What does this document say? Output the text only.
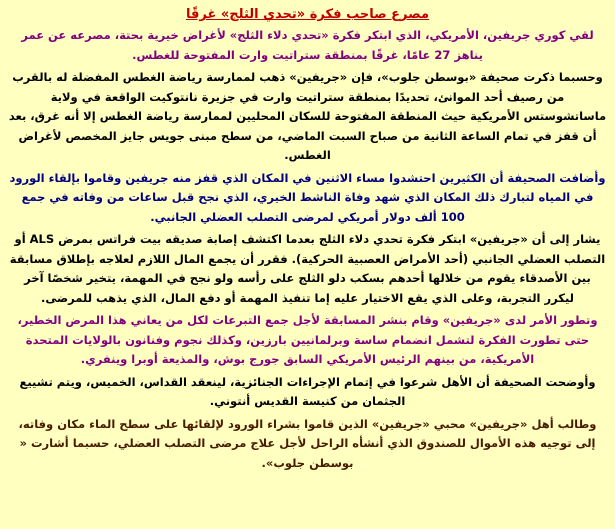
مصرع صاحب فكرة «تحدي الثلج» غرقًا
لقي كوري جريفين، الأمريكي، الذي ابتكر فكرة «تحدي دلاء الثلج» لأغراض خيرية بحتة، مصرعه عن عمر يناهز 27 عامًا، غرقًا بمنطقة ستراتيت وارت المفتوحة للغطس.
وحسبما ذكرت صحيفة «بوسطن جلوب»، فإن «جريفين» ذهب لممارسة رياضة الغطس المفضلة له بالقرب من رصيف أحد الموانئ، تحديدًا بمنطقة ستراتيت وارت في جزيرة نانتوكيت الواقعة في ولاية ماساتشوستس الأمريكية حيث المنطقة المفتوحة للسكان المحليين لممارسة رياضة الغطس إلا أنه غرق، بعد أن قفز في تمام الساعة الثانية من صباح السبت الماضي، من سطح مبنى جويس جايز المخصص لأغراض الغطس.
وأضافت الصحيفة أن الكثيرين احتشدوا مساء الاثنين في المكان الذي قفز منه جريفين وقاموا بإلقاء الورود في المياه لتبارك ذلك المكان الذي شهد وفاة الناشط الخيري، الذي نجح قبل ساعات من وفاته في جمع 100 ألف دولار أمريكي لمرضى التصلب العضلي الجانبي.
يشار إلى أن «جريفين» ابتكر فكرة تحدي دلاء الثلج بعدما اكتشف إصابة صديقه بيت فراتس بمرض ALS أو التصلب العضلي الجانبي (أحد الأمراض العصبية الحركية). فقرر أن يجمع المال اللازم لعلاجه بإطلاق مسابقة بين الأصدقاء يقوم من خلالها أحدهم بسكب دلو الثلج على رأسه ولو نجح في المهمة، يتخير شخصًا آخر ليكرر التجربة، وعلى الذي يقع الاختيار عليه إما تنفيذ المهمة أو دفع المال، الذي يذهب للمرضى.
وتطور الأمر لدى «جريفين» وقام بنشر المسابقة لأجل جمع التبرعات لكل من يعاني هذا المرض الخطير، حتى تطورت الفكرة لتشمل انضمام ساسة وبرلمانيين بارزين، وكذلك نجوم وفنانون بالولايات المتحدة الأمريكية، من بينهم الرئيس الأمريكي السابق جورج بوش، والمذيعة أوبرا وينفري.
وأوضحت الصحيفة أن الأهل شرعوا في إتمام الإجراءات الجنائزية، لينعقد القداس، الخميس، ويتم تشييع الجثمان من كنيسة القديس أنتوني.
وطالب أهل «جريفين» محبي «جريفين» الذين قاموا بشراء الورود لإلقائها على سطح الماء مكان وفاته، إلى توجيه هذه الأموال للصندوق الذي أنشأه الراحل لأجل علاج مرضى التصلب العضلي، حسبما أشارت « بوسطن جلوب».
